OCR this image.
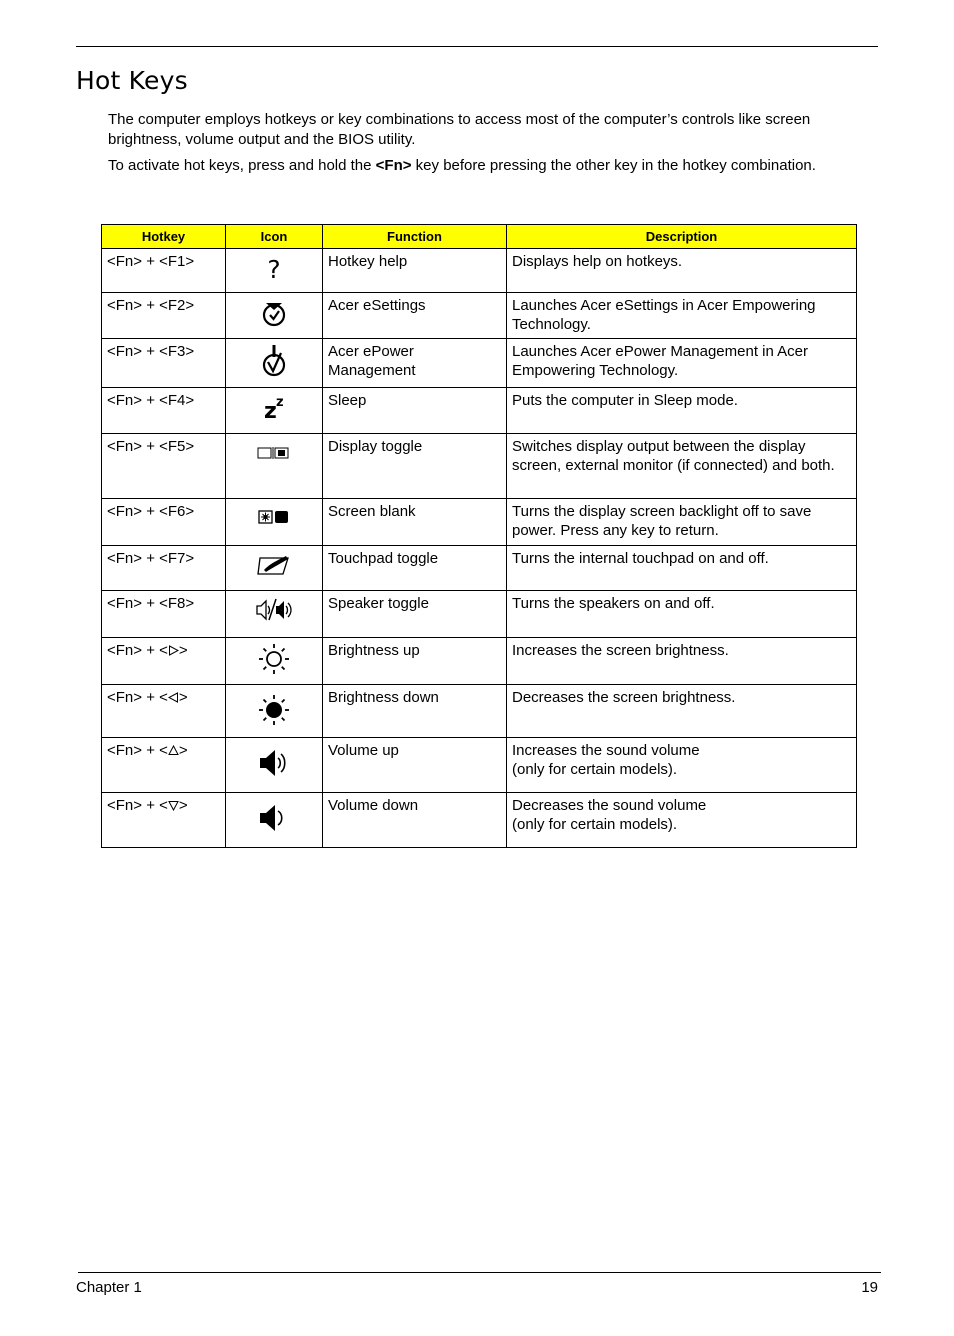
Hot Keys

The computer employs hotkeys or key combinations to access most of the computer’s controls like screen brightness, volume output and the BIOS utility.

To activate hot keys, press and hold the <Fn> key before pressing the other key in the hotkey combination.

Hotkey	Icon	Function	Description
<Fn> + <F1>	?	Hotkey help	Displays help on hotkeys.
<Fn> + <F2>		Acer eSettings	Launches Acer eSettings in Acer Empowering Technology.
<Fn> + <F3>		Acer ePower Management	Launches Acer ePower Management in Acer Empowering Technology.
<Fn> + <F4>	z z	Sleep	Puts the computer in Sleep mode.
<Fn> + <F5>		Display toggle	Switches display output between the display screen, external monitor (if connected) and both.
<Fn> + <F6>		Screen blank	Turns the display screen backlight off to save power. Press any key to return.
<Fn> + <F7>		Touchpad toggle	Turns the internal touchpad on and off.
<Fn> + <F8>		Speaker toggle	Turns the speakers on and off.
<Fn> + < >		Brightness up	Increases the screen brightness.
<Fn> + < >		Brightness down	Decreases the screen brightness.
<Fn> + < >		Volume up	Increases the sound volume
(only for certain models).
<Fn> + < >		Volume down	Decreases the sound volume
(only for certain models).
Chapter 1	19
